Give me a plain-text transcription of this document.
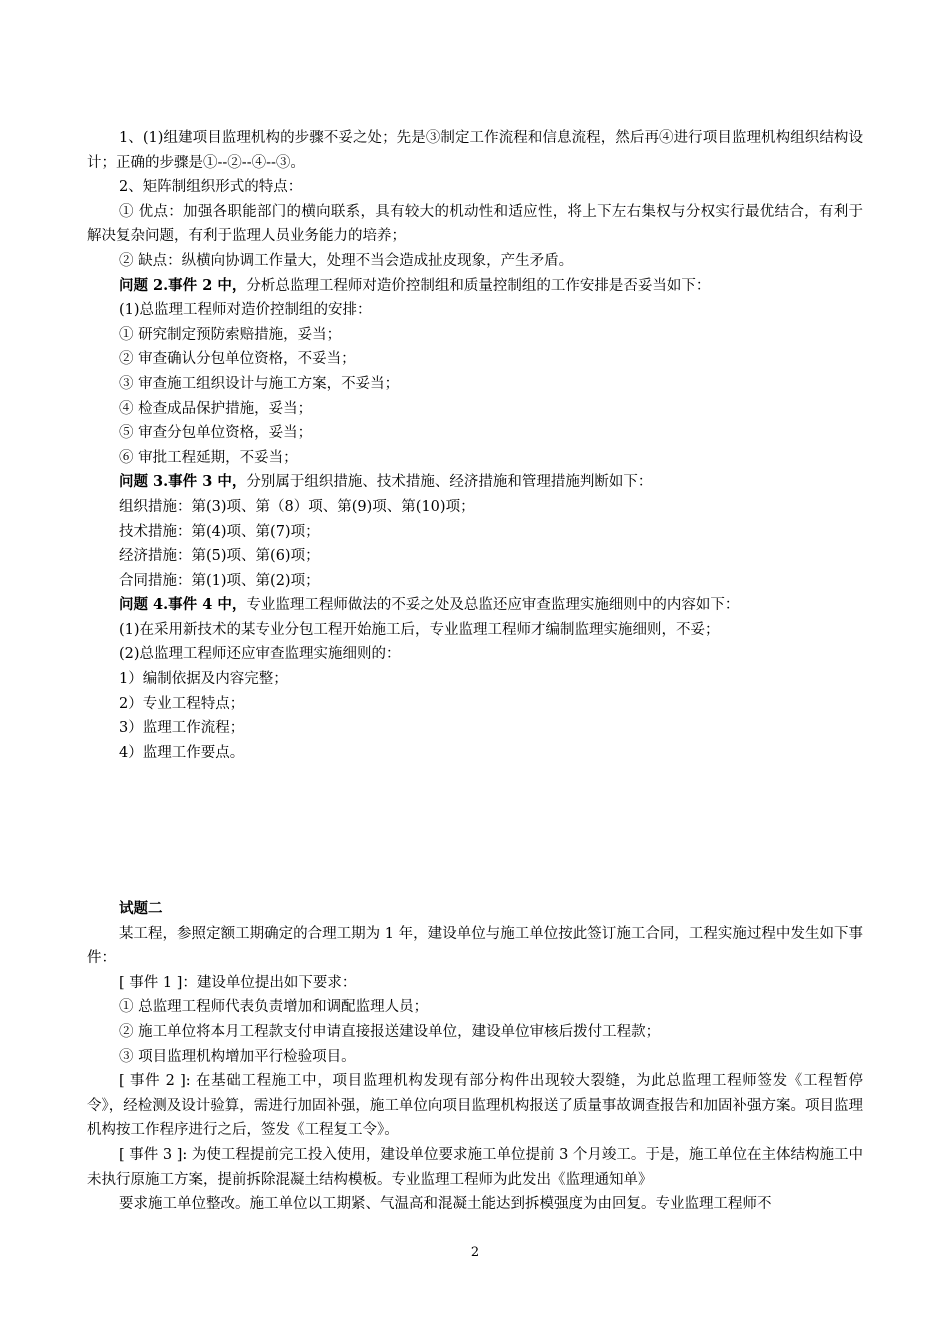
1、(1)组建项目监理机构的步骤不妥之处；先是③制定工作流程和信息流程，然后再④进行项目监理机构组织结构设计；正确的步骤是①--②--④--③。

2、矩阵制组织形式的特点：

① 优点：加强各职能部门的横向联系，具有较大的机动性和适应性，将上下左右集权与分权实行最优结合，有利于解决复杂问题，有利于监理人员业务能力的培养；

② 缺点：纵横向协调工作量大，处理不当会造成扯皮现象，产生矛盾。

问题 2.事件 2 中，分析总监理工程师对造价控制组和质量控制组的工作安排是否妥当如下：

(1)总监理工程师对造价控制组的安排：

① 研究制定预防索赔措施，妥当；

② 审查确认分包单位资格，不妥当；

③ 审查施工组织设计与施工方案，不妥当；

④ 检查成品保护措施，妥当；

⑤ 审查分包单位资格，妥当；

⑥ 审批工程延期，不妥当；

问题 3.事件 3 中，分别属于组织措施、技术措施、经济措施和管理措施判断如下：

组织措施：第(3)项、第（8）项、第(9)项、第(10)项；

技术措施：第(4)项、第(7)项；

经济措施：第(5)项、第(6)项；

合同措施：第(1)项、第(2)项；

问题 4.事件 4 中，专业监理工程师做法的不妥之处及总监还应审查监理实施细则中的内容如下：

(1)在采用新技术的某专业分包工程开始施工后，专业监理工程师才编制监理实施细则，不妥；

(2)总监理工程师还应审查监理实施细则的：

1）编制依据及内容完整；

2）专业工程特点；

3）监理工作流程；

4）监理工作要点。

试题二

某工程，参照定额工期确定的合理工期为 1 年，建设单位与施工单位按此签订施工合同，工程实施过程中发生如下事件：

[ 事件 1 ]：建设单位提出如下要求：

① 总监理工程师代表负责增加和调配监理人员；

② 施工单位将本月工程款支付申请直接报送建设单位，建设单位审核后拨付工程款；

③ 项目监理机构增加平行检验项目。

[ 事件 2 ]: 在基础工程施工中，项目监理机构发现有部分构件出现较大裂缝，为此总监理工程师签发《工程暂停令》，经检测及设计验算，需进行加固补强，施工单位向项目监理机构报送了质量事故调查报告和加固补强方案。项目监理机构按工作程序进行之后，签发《工程复工令》。

[ 事件 3 ]: 为使工程提前完工投入使用，建设单位要求施工单位提前 3 个月竣工。于是，施工单位在主体结构施工中未执行原施工方案，提前拆除混凝土结构模板。专业监理工程师为此发出《监理通知单》

要求施工单位整改。施工单位以工期紧、气温高和混凝土能达到拆模强度为由回复。专业监理工程师不

2
